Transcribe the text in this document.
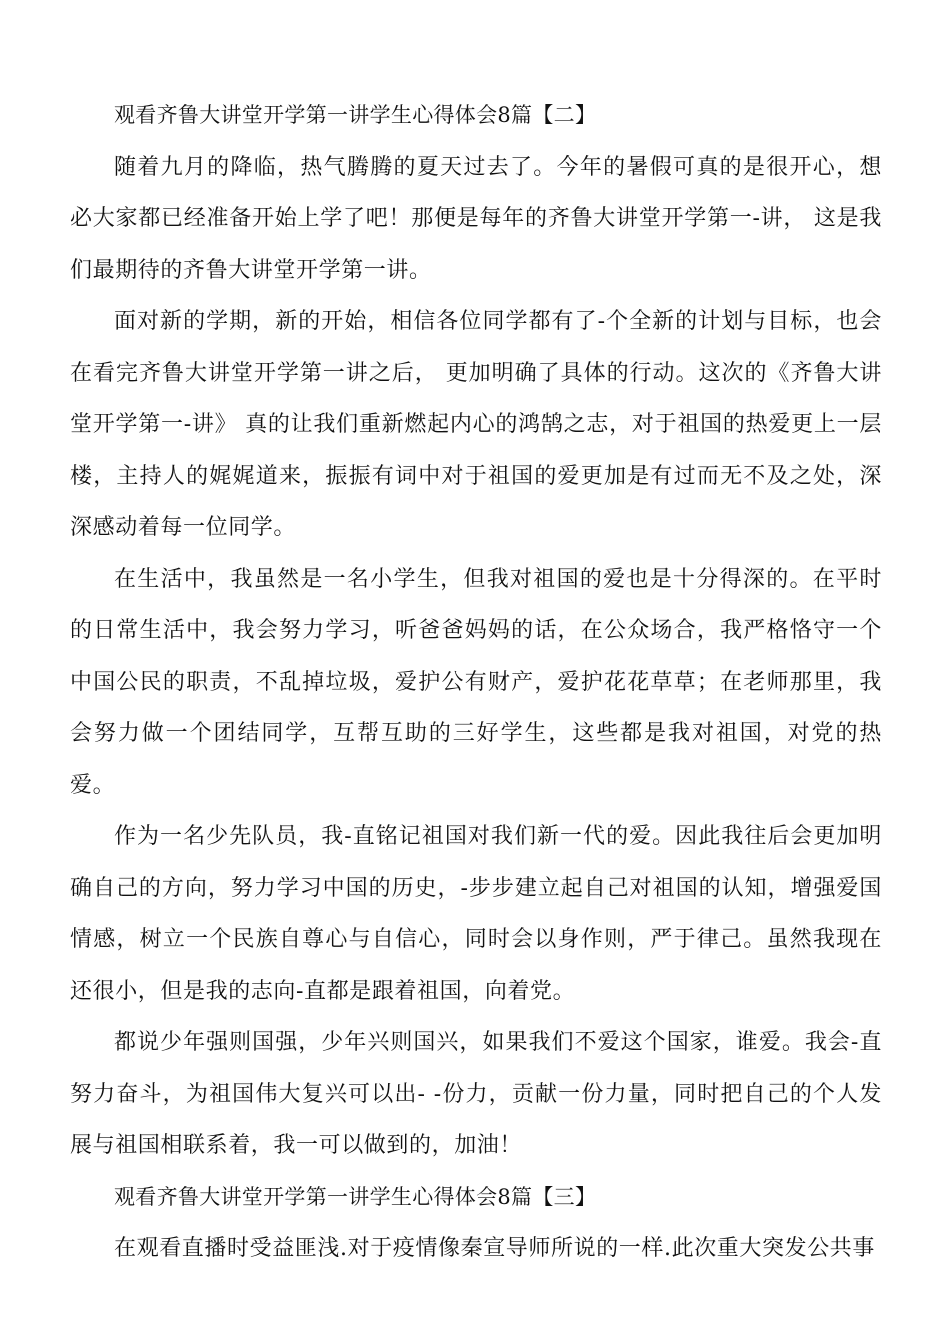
观看齐鲁大讲堂开学第一讲学生心得体会8篇【二】

随着九月的降临，热气腾腾的夏天过去了。今年的暑假可真的是很开心，想必大家都已经准备开始上学了吧！那便是每年的齐鲁大讲堂开学第一-讲， 这是我们最期待的齐鲁大讲堂开学第一讲。

面对新的学期，新的开始，相信各位同学都有了-个全新的计划与目标，也会在看完齐鲁大讲堂开学第一讲之后， 更加明确了具体的行动。这次的《齐鲁大讲堂开学第一-讲》 真的让我们重新燃起内心的鸿鹄之志，对于祖国的热爱更上一层楼，主持人的娓娓道来，振振有词中对于祖国的爱更加是有过而无不及之处，深深感动着每一位同学。

在生活中，我虽然是一名小学生，但我对祖国的爱也是十分得深的。在平时的日常生活中，我会努力学习，听爸爸妈妈的话，在公众场合，我严格恪守一个中国公民的职责，不乱掉垃圾，爱护公有财产，爱护花花草草；在老师那里，我会努力做一个团结同学，互帮互助的三好学生，这些都是我对祖国，对党的热爱。

作为一名少先队员，我-直铭记祖国对我们新一代的爱。因此我往后会更加明确自己的方向，努力学习中国的历史，-步步建立起自己对祖国的认知，增强爱国情感，树立一个民族自尊心与自信心，同时会以身作则，严于律己。虽然我现在还很小，但是我的志向-直都是跟着祖国，向着党。

都说少年强则国强，少年兴则国兴，如果我们不爱这个国家，谁爱。我会-直努力奋斗，为祖国伟大复兴可以出- -份力，贡献一份力量，同时把自己的个人发展与祖国相联系着，我一可以做到的，加油！

观看齐鲁大讲堂开学第一讲学生心得体会8篇【三】

在观看直播时受益匪浅.对于疫情像秦宣导师所说的一样.此次重大突发公共事
